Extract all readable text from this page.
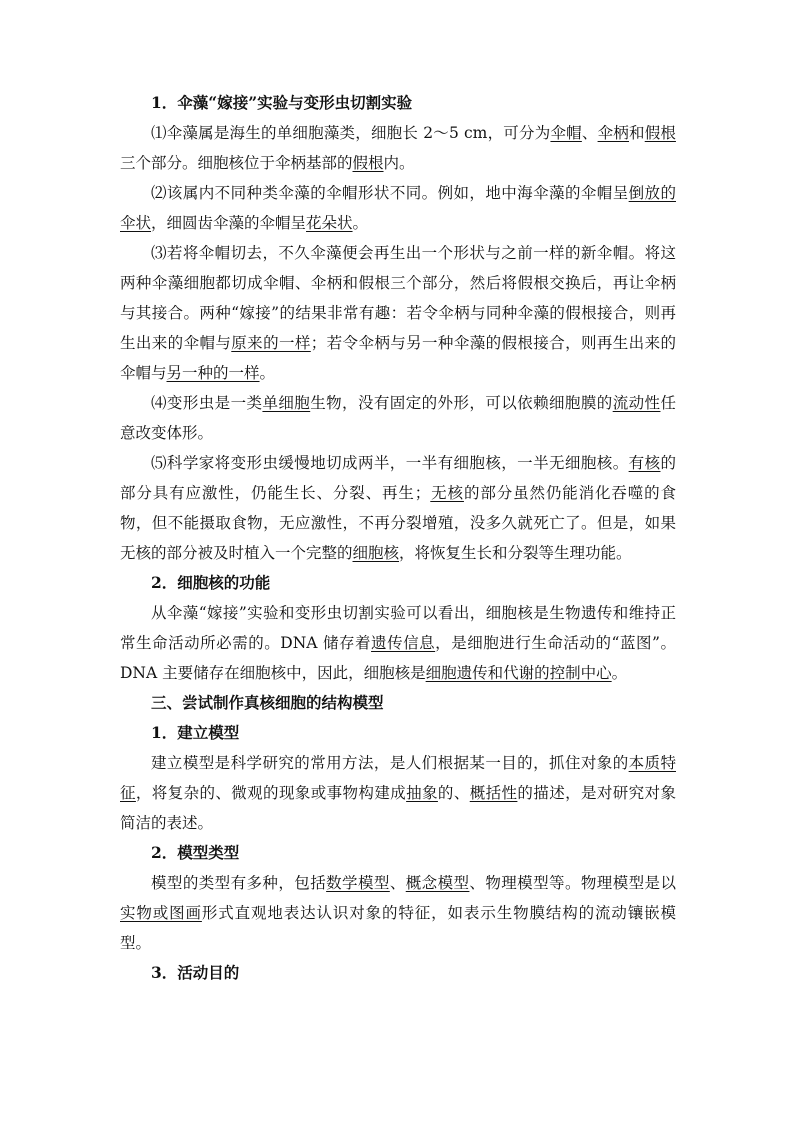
1．伞藻“嫁接”实验与变形虫切割实验

⑴伞藻属是海生的单细胞藻类，细胞长 2～5 cm，可分为伞帽、伞柄和假根三个部分。细胞核位于伞柄基部的假根内。

⑵该属内不同种类伞藻的伞帽形状不同。例如，地中海伞藻的伞帽呈倒放的伞状，细圆齿伞藻的伞帽呈花朵状。

⑶若将伞帽切去，不久伞藻便会再生出一个形状与之前一样的新伞帽。将这两种伞藻细胞都切成伞帽、伞柄和假根三个部分，然后将假根交换后，再让伞柄与其接合。两种“嫁接”的结果非常有趣：若令伞柄与同种伞藻的假根接合，则再生出来的伞帽与原来的一样；若令伞柄与另一种伞藻的假根接合，则再生出来的伞帽与另一种的一样。

⑷变形虫是一类单细胞生物，没有固定的外形，可以依赖细胞膜的流动性任意改变体形。

⑸科学家将变形虫缓慢地切成两半，一半有细胞核，一半无细胞核。有核的部分具有应激性，仍能生长、分裂、再生；无核的部分虽然仍能消化吞噬的食物，但不能摄取食物，无应激性，不再分裂增殖，没多久就死亡了。但是，如果无核的部分被及时植入一个完整的细胞核，将恢复生长和分裂等生理功能。

2．细胞核的功能

从伞藻“嫁接”实验和变形虫切割实验可以看出，细胞核是生物遗传和维持正常生命活动所必需的。DNA 储存着遗传信息，是细胞进行生命活动的“蓝图”。DNA 主要储存在细胞核中，因此，细胞核是细胞遗传和代谢的控制中心。

三、尝试制作真核细胞的结构模型

1．建立模型

建立模型是科学研究的常用方法，是人们根据某一目的，抓住对象的本质特征，将复杂的、微观的现象或事物构建成抽象的、概括性的描述，是对研究对象简洁的表述。

2．模型类型

模型的类型有多种，包括数学模型、概念模型、物理模型等。物理模型是以实物或图画形式直观地表达认识对象的特征，如表示生物膜结构的流动镶嵌模型。

3．活动目的
